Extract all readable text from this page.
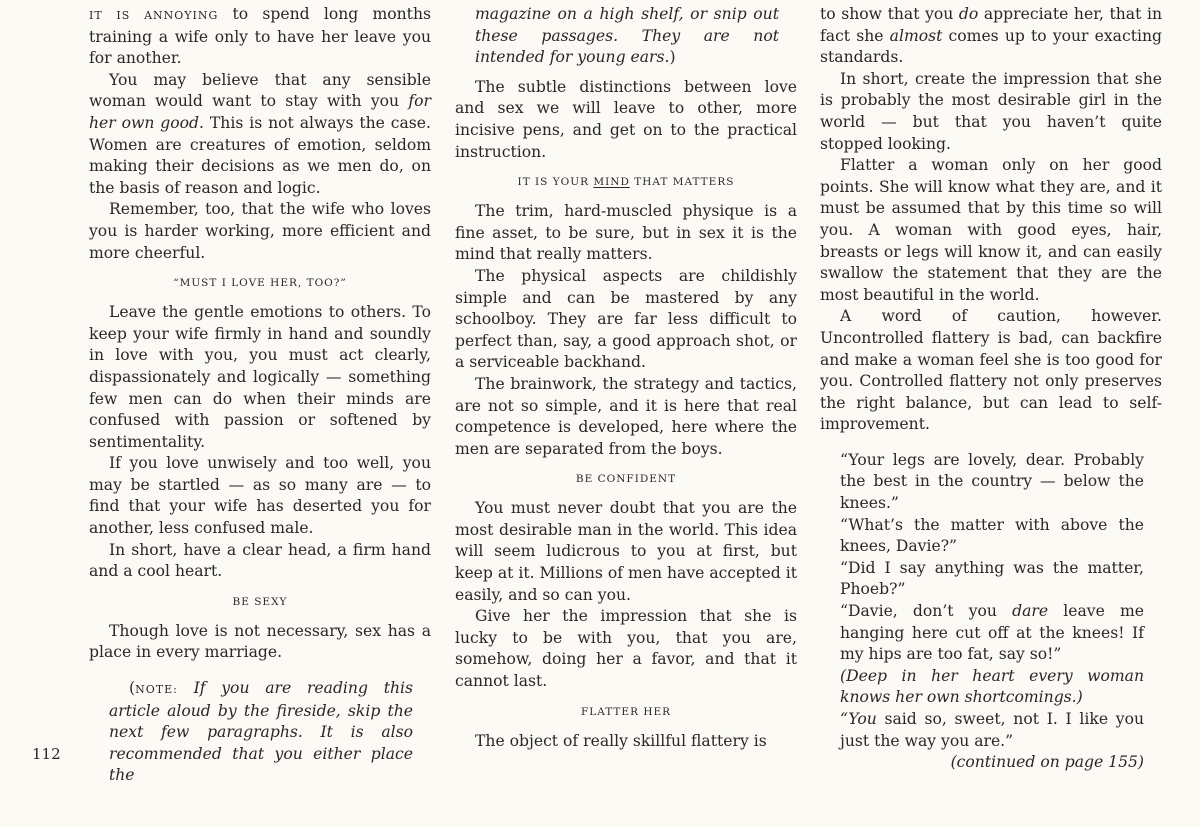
IT IS ANNOYING to spend long months training a wife only to have her leave you for another.

You may believe that any sensible woman would want to stay with you for her own good. This is not always the case. Women are creatures of emotion, seldom making their decisions as we men do, on the basis of reason and logic.

Remember, too, that the wife who loves you is harder working, more efficient and more cheerful.

“MUST I LOVE HER, TOO?”

Leave the gentle emotions to others. To keep your wife firmly in hand and soundly in love with you, you must act clearly, dispassionately and logically — something few men can do when their minds are confused with passion or softened by sentimentality.

If you love unwisely and too well, you may be startled — as so many are — to find that your wife has deserted you for another, less confused male.

In short, have a clear head, a firm hand and a cool heart.

BE SEXY

Though love is not necessary, sex has a place in every marriage.

(NOTE: If you are reading this article aloud by the fireside, skip the next few paragraphs. It is also recommended that you either place the

magazine on a high shelf, or snip out these passages. They are not intended for young ears.)

The subtle distinctions between love and sex we will leave to other, more incisive pens, and get on to the practical instruction.

IT IS YOUR MIND THAT MATTERS

The trim, hard-muscled physique is a fine asset, to be sure, but in sex it is the mind that really matters.

The physical aspects are childishly simple and can be mastered by any schoolboy. They are far less difficult to perfect than, say, a good approach shot, or a serviceable backhand.

The brainwork, the strategy and tactics, are not so simple, and it is here that real competence is developed, here where the men are separated from the boys.

BE CONFIDENT

You must never doubt that you are the most desirable man in the world. This idea will seem ludicrous to you at first, but keep at it. Millions of men have accepted it easily, and so can you.

Give her the impression that she is lucky to be with you, that you are, somehow, doing her a favor, and that it cannot last.

FLATTER HER

The object of really skillful flattery is

to show that you do appreciate her, that in fact she almost comes up to your exacting standards.

In short, create the impression that she is probably the most desirable girl in the world — but that you haven’t quite stopped looking.

Flatter a woman only on her good points. She will know what they are, and it must be assumed that by this time so will you. A woman with good eyes, hair, breasts or legs will know it, and can easily swallow the statement that they are the most beautiful in the world.

A word of caution, however. Uncontrolled flattery is bad, can backfire and make a woman feel she is too good for you. Controlled flattery not only preserves the right balance, but can lead to self-improvement.

“Your legs are lovely, dear. Probably the best in the country — below the knees.”

“What’s the matter with above the knees, Davie?”

“Did I say anything was the matter, Phoeb?”

“Davie, don’t you dare leave me hanging here cut off at the knees! If my hips are too fat, say so!”

(Deep in her heart every woman knows her own shortcomings.)

“You said so, sweet, not I. I like you just the way you are.”

(continued on page 155)

112
